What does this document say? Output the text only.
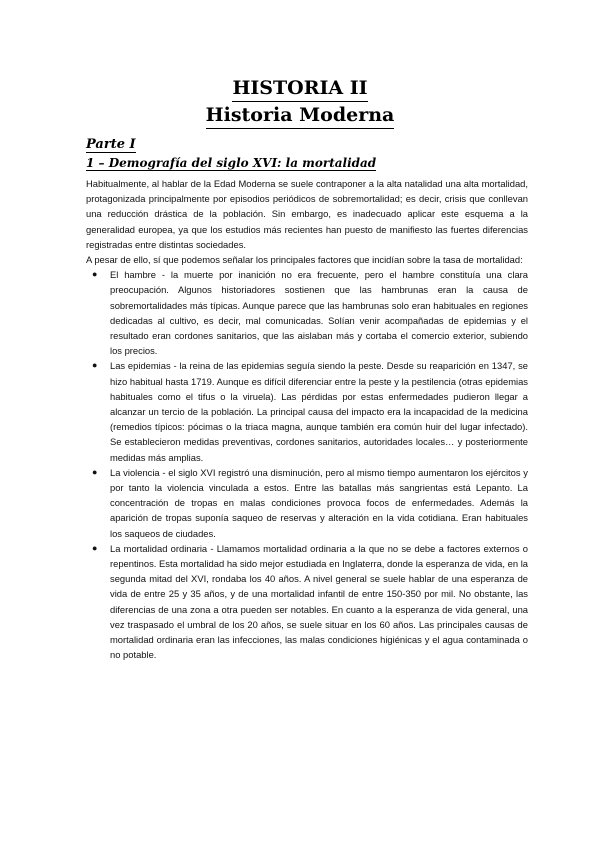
HISTORIA II
Historia Moderna
Parte I
1 – Demografía del siglo XVI: la mortalidad

Habitualmente, al hablar de la Edad Moderna se suele contraponer a la alta natalidad una alta mortalidad, protagonizada principalmente por episodios periódicos de sobremortalidad; es decir, crisis que conllevan una reducción drástica de la población. Sin embargo, es inadecuado aplicar este esquema a la generalidad europea, ya que los estudios más recientes han puesto de manifiesto las fuertes diferencias registradas entre distintas sociedades.

A pesar de ello, sí que podemos señalar los principales factores que incidían sobre la tasa de mortalidad:

● El hambre - la muerte por inanición no era frecuente, pero el hambre constituía una clara preocupación. Algunos historiadores sostienen que las hambrunas eran la causa de sobremortalidades más típicas. Aunque parece que las hambrunas solo eran habituales en regiones dedicadas al cultivo, es decir, mal comunicadas. Solían venir acompañadas de epidemias y el resultado eran cordones sanitarios, que las aislaban más y cortaba el comercio exterior, subiendo los precios.
● Las epidemias - la reina de las epidemias seguía siendo la peste. Desde su reaparición en 1347, se hizo habitual hasta 1719. Aunque es difícil diferenciar entre la peste y la pestilencia (otras epidemias habituales como el tifus o la viruela). Las pérdidas por estas enfermedades pudieron llegar a alcanzar un tercio de la población. La principal causa del impacto era la incapacidad de la medicina (remedios típicos: pócimas o la triaca magna, aunque también era común huir del lugar infectado). Se establecieron medidas preventivas, cordones sanitarios, autoridades locales… y posteriormente medidas más amplias.
● La violencia - el siglo XVI registró una disminución, pero al mismo tiempo aumentaron los ejércitos y por tanto la violencia vinculada a estos. Entre las batallas más sangrientas está Lepanto. La concentración de tropas en malas condiciones provoca focos de enfermedades. Además la aparición de tropas suponía saqueo de reservas y alteración en la vida cotidiana. Eran habituales los saqueos de ciudades.
● La mortalidad ordinaria - Llamamos mortalidad ordinaria a la que no se debe a factores externos o repentinos. Esta mortalidad ha sido mejor estudiada en Inglaterra, donde la esperanza de vida, en la segunda mitad del XVI, rondaba los 40 años. A nivel general se suele hablar de una esperanza de vida de entre 25 y 35 años, y de una mortalidad infantil de entre 150-350 por mil. No obstante, las diferencias de una zona a otra pueden ser notables. En cuanto a la esperanza de vida general, una vez traspasado el umbral de los 20 años, se suele situar en los 60 años. Las principales causas de mortalidad ordinaria eran las infecciones, las malas condiciones higiénicas y el agua contaminada o no potable.
